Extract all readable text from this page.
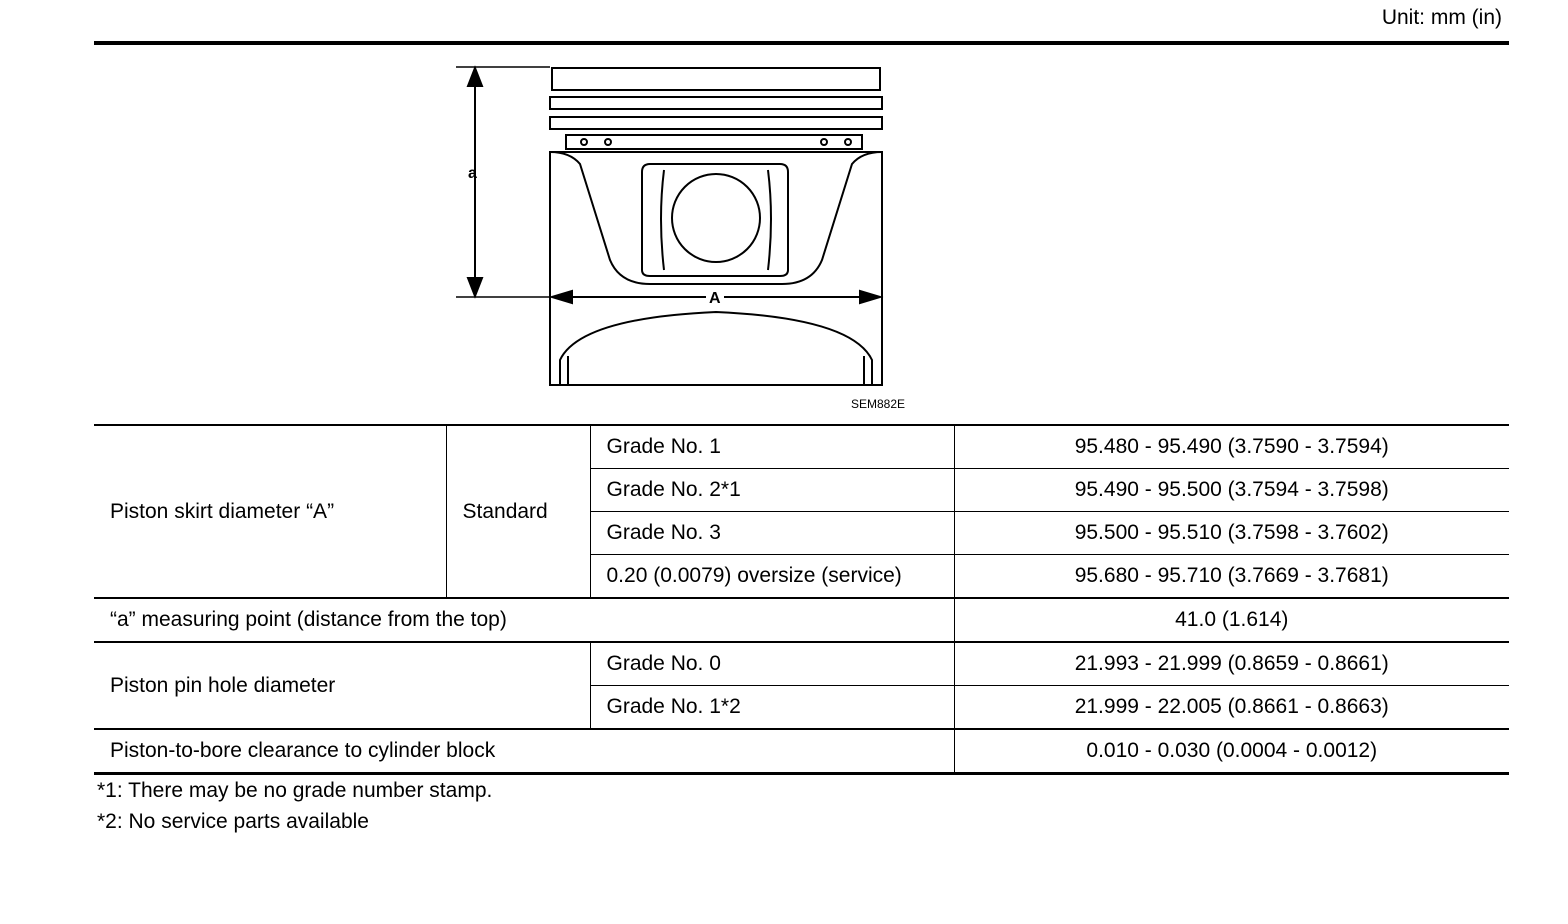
Unit: mm (in)
a
A
SEM882E
Piston skirt diameter “A”	Standard	Grade No. 1	95.480 - 95.490 (3.7590 - 3.7594)
		Grade No. 2*1	95.490 - 95.500 (3.7594 - 3.7598)
		Grade No. 3	95.500 - 95.510 (3.7598 - 3.7602)
		0.20 (0.0079) oversize (service)	95.680 - 95.710 (3.7669 - 3.7681)
“a” measuring point (distance from the top)			41.0 (1.614)
Piston pin hole diameter		Grade No. 0	21.993 - 21.999 (0.8659 - 0.8661)
		Grade No. 1*2	21.999 - 22.005 (0.8661 - 0.8663)
Piston-to-bore clearance to cylinder block			0.010 - 0.030 (0.0004 - 0.0012)
*1: There may be no grade number stamp.
*2: No service parts available
